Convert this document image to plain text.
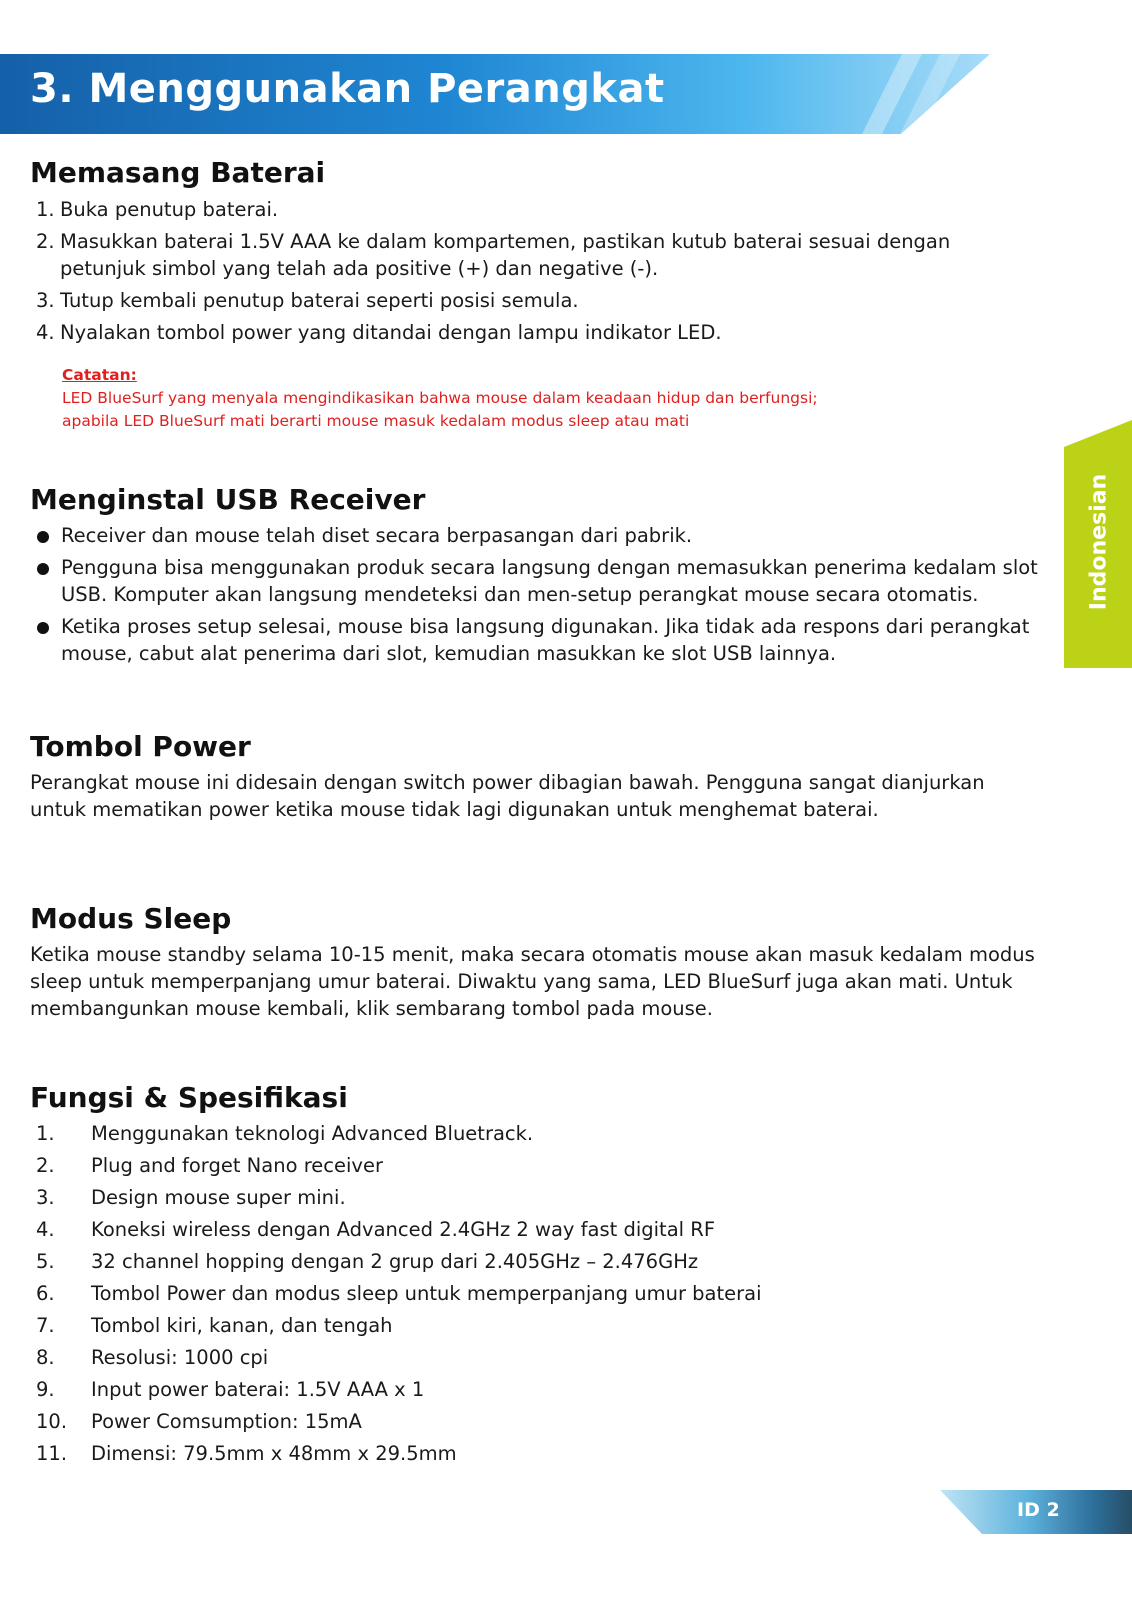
3. Menggunakan Perangkat
Indonesian
Memasang Baterai
1. Buka penutup baterai.
2. Masukkan baterai 1.5V AAA ke dalam kompartemen, pastikan kutub baterai sesuai dengan petunjuk simbol yang telah ada positive (+) dan negative (-).
3. Tutup kembali penutup baterai seperti posisi semula.
4. Nyalakan tombol power yang ditandai dengan lampu indikator LED.
Catatan:
LED BlueSurf yang menyala mengindikasikan bahwa mouse dalam keadaan hidup dan berfungsi;
apabila LED BlueSurf mati berarti mouse masuk kedalam modus sleep atau mati
Menginstal USB Receiver
Receiver dan mouse telah diset secara berpasangan dari pabrik.
Pengguna bisa menggunakan produk secara langsung dengan memasukkan penerima kedalam slot USB. Komputer akan langsung mendeteksi dan men-setup perangkat mouse secara otomatis.
Ketika proses setup selesai, mouse bisa langsung digunakan. Jika tidak ada respons dari perangkat mouse, cabut alat penerima dari slot, kemudian masukkan ke slot USB lainnya.
Tombol Power

Perangkat mouse ini didesain dengan switch power dibagian bawah. Pengguna sangat dianjurkan untuk mematikan power ketika mouse tidak lagi digunakan untuk menghemat baterai.

Modus Sleep

Ketika mouse standby selama 10-15 menit, maka secara otomatis mouse akan masuk kedalam modus sleep untuk memperpanjang umur baterai. Diwaktu yang sama, LED BlueSurf juga akan mati. Untuk membangunkan mouse kembali, klik sembarang tombol pada mouse.

Fungsi & Spesifikasi
1. Menggunakan teknologi Advanced Bluetrack.
2. Plug and forget Nano receiver
3. Design mouse super mini.
4. Koneksi wireless dengan Advanced 2.4GHz 2 way fast digital RF
5. 32 channel hopping dengan 2 grup dari 2.405GHz – 2.476GHz
6. Tombol Power dan modus sleep untuk memperpanjang umur baterai
7. Tombol kiri, kanan, dan tengah
8. Resolusi: 1000 cpi
9. Input power baterai: 1.5V AAA x 1
10. Power Comsumption: 15mA
11. Dimensi: 79.5mm x 48mm x 29.5mm
ID 2
